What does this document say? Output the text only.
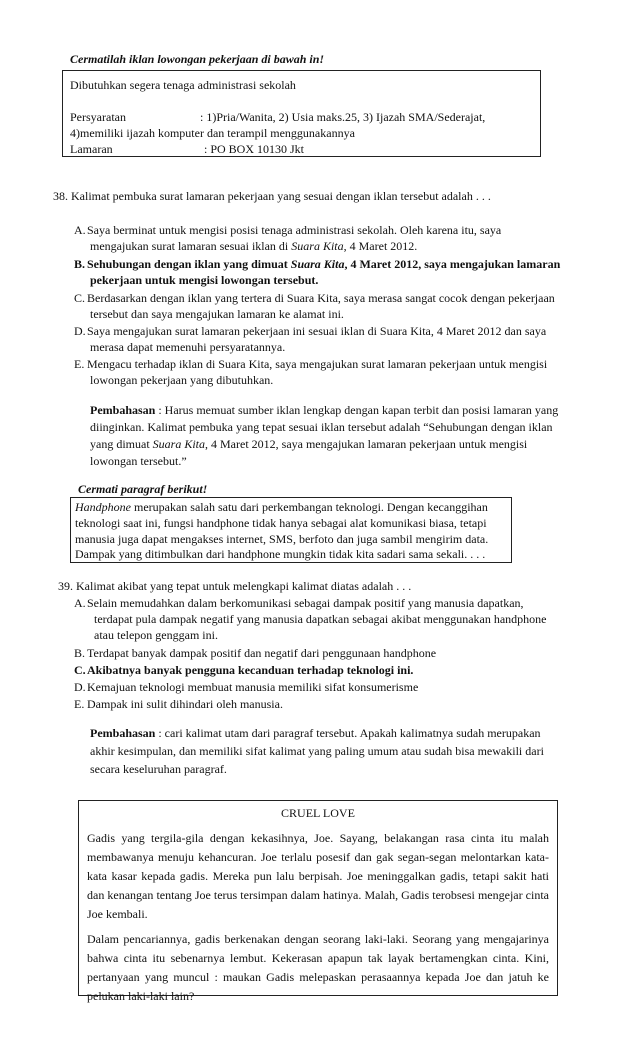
Cermatilah iklan lowongan pekerjaan di bawah in!
Dibutuhkan segera tenaga administrasi sekolah
Persyaratan	: 1)Pria/Wanita, 2) Usia maks.25, 3) Ijazah SMA/Sederajat,
4)memiliki ijazah komputer dan terampil menggunakannya
Lamaran	: PO BOX 10130 Jkt
38. Kalimat pembuka surat lamaran pekerjaan yang sesuai dengan iklan tersebut adalah . . .
A.Saya berminat untuk mengisi posisi tenaga administrasi sekolah. Oleh karena itu, saya
mengajukan surat lamaran sesuai iklan di Suara Kita, 4 Maret 2012.
B. Sehubungan dengan iklan yang dimuat Suara Kita, 4 Maret 2012, saya mengajukan lamaran
pekerjaan untuk mengisi lowongan tersebut.
C. Berdasarkan dengan iklan yang tertera di Suara Kita, saya merasa sangat cocok dengan pekerjaan
tersebut dan saya mengajukan lamaran ke alamat ini.
D.Saya mengajukan surat lamaran pekerjaan ini sesuai iklan di Suara Kita, 4 Maret 2012 dan saya
merasa dapat memenuhi persyaratannya.
E. Mengacu terhadap iklan di Suara Kita, saya mengajukan surat lamaran pekerjaan untuk mengisi
lowongan pekerjaan yang dibutuhkan.
Pembahasan : Harus memuat sumber iklan lengkap dengan kapan terbit dan posisi lamaran yang
diinginkan. Kalimat pembuka yang tepat sesuai iklan tersebut adalah “Sehubungan dengan iklan
yang dimuat Suara Kita, 4 Maret 2012, saya mengajukan lamaran pekerjaan untuk mengisi
lowongan tersebut.”
Cermati paragraf berikut!
Handphone merupakan salah satu dari perkembangan teknologi. Dengan kecanggihan
teknologi saat ini, fungsi handphone tidak hanya sebagai alat komunikasi biasa, tetapi
manusia juga dapat mengakses internet, SMS, berfoto dan juga sambil mengirim data.
Dampak yang ditimbulkan dari handphone mungkin tidak kita sadari sama sekali. . . .
39. Kalimat akibat yang tepat untuk melengkapi kalimat diatas adalah . . .
A.Selain memudahkan dalam berkomunikasi sebagai dampak positif yang manusia dapatkan,
terdapat pula dampak negatif yang manusia dapatkan sebagai akibat menggunakan handphone
atau telepon genggam ini.
B. Terdapat banyak dampak positif dan negatif dari penggunaan handphone
C.Akibatnya banyak pengguna kecanduan terhadap teknologi ini.
D.Kemajuan teknologi membuat manusia memiliki sifat konsumerisme
E. Dampak ini sulit dihindari oleh manusia.
Pembahasan : cari kalimat utam dari paragraf tersebut. Apakah kalimatnya sudah merupakan
akhir kesimpulan, dan memiliki sifat kalimat yang paling umum atau sudah bisa mewakili dari
secara keseluruhan paragraf.
CRUEL LOVE
Gadis yang tergila-gila dengan kekasihnya, Joe. Sayang, belakangan rasa cinta itu malah membawanya menuju kehancuran. Joe terlalu posesif dan gak segan-segan melontarkan kata-kata kasar kepada gadis. Mereka pun lalu berpisah. Joe meninggalkan gadis, tetapi sakit hati dan kenangan tentang Joe terus tersimpan dalam hatinya. Malah, Gadis terobsesi mengejar cinta Joe kembali.
Dalam pencariannya, gadis berkenakan dengan seorang laki-laki. Seorang yang mengajarinya bahwa cinta itu sebenarnya lembut. Kekerasan apapun tak layak bertamengkan cinta. Kini, pertanyaan yang muncul : maukan Gadis melepaskan perasaannya kepada Joe dan jatuh ke pelukan laki-laki lain?
